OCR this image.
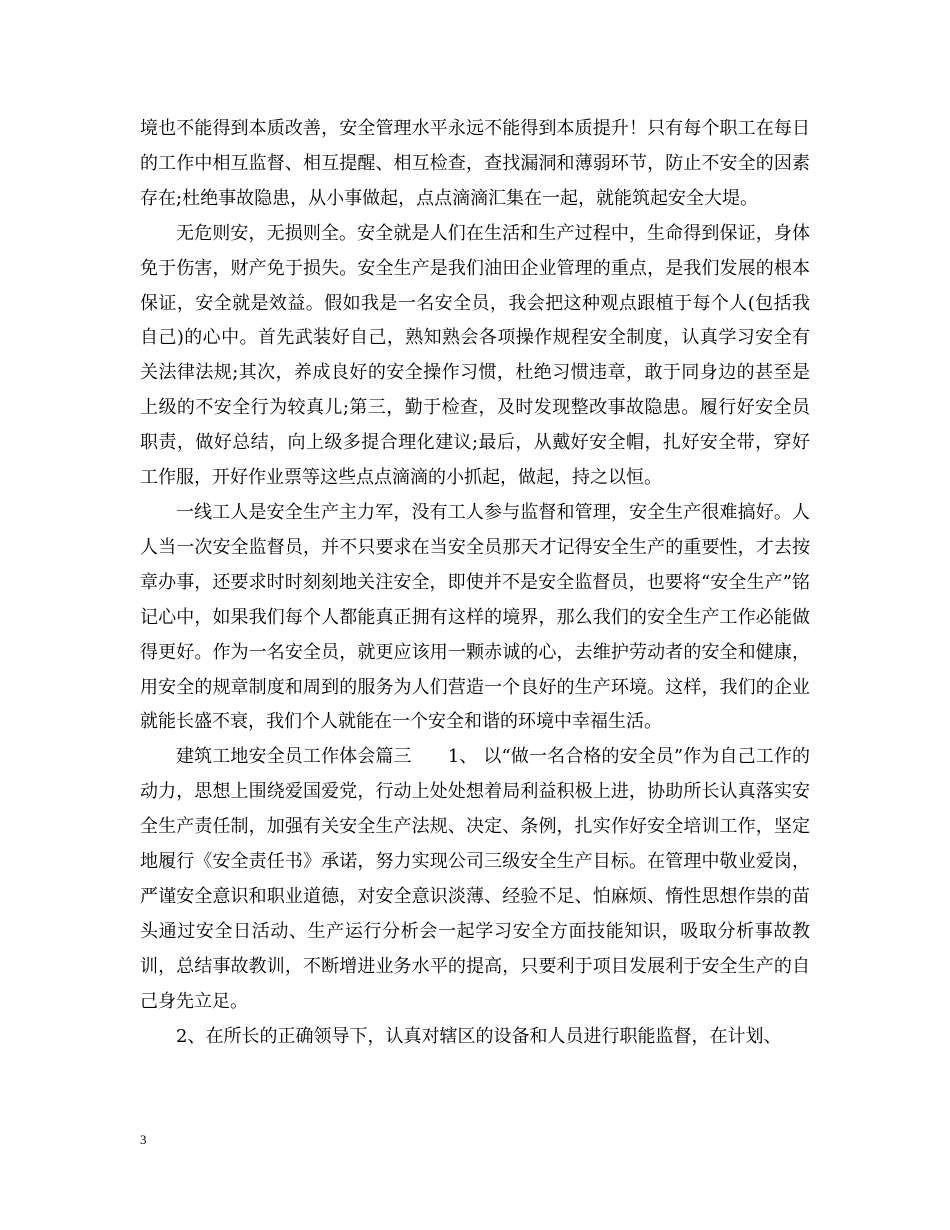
境也不能得到本质改善，安全管理水平永远不能得到本质提升！只有每个职工在每日的工作中相互监督、相互提醒、相互检查，查找漏洞和薄弱环节，防止不安全的因素存在;杜绝事故隐患，从小事做起，点点滴滴汇集在一起，就能筑起安全大堤。

无危则安，无损则全。安全就是人们在生活和生产过程中，生命得到保证，身体免于伤害，财产免于损失。安全生产是我们油田企业管理的重点，是我们发展的根本保证，安全就是效益。假如我是一名安全员，我会把这种观点跟植于每个人(包括我自己)的心中。首先武装好自己，熟知熟会各项操作规程安全制度，认真学习安全有关法律法规;其次，养成良好的安全操作习惯，杜绝习惯违章，敢于同身边的甚至是上级的不安全行为较真儿;第三，勤于检查，及时发现整改事故隐患。履行好安全员职责，做好总结，向上级多提合理化建议;最后，从戴好安全帽，扎好安全带，穿好工作服，开好作业票等这些点点滴滴的小抓起，做起，持之以恒。

一线工人是安全生产主力军，没有工人参与监督和管理，安全生产很难搞好。人人当一次安全监督员，并不只要求在当安全员那天才记得安全生产的重要性，才去按章办事，还要求时时刻刻地关注安全，即使并不是安全监督员，也要将“安全生产”铭记心中，如果我们每个人都能真正拥有这样的境界，那么我们的安全生产工作必能做得更好。作为一名安全员，就更应该用一颗赤诚的心，去维护劳动者的安全和健康，用安全的规章制度和周到的服务为人们营造一个良好的生产环境。这样，我们的企业就能长盛不衰，我们个人就能在一个安全和谐的环境中幸福生活。

建筑工地安全员工作体会篇三　　1、 以“做一名合格的安全员”作为自己工作的动力，思想上围绕爱国爱党，行动上处处想着局利益积极上进，协助所长认真落实安全生产责任制，加强有关安全生产法规、决定、条例，扎实作好安全培训工作，坚定地履行《安全责任书》承诺，努力实现公司三级安全生产目标。在管理中敬业爱岗，严谨安全意识和职业道德，对安全意识淡薄、经验不足、怕麻烦、惰性思想作祟的苗头通过安全日活动、生产运行分析会一起学习安全方面技能知识，吸取分析事故教训，总结事故教训，不断增进业务水平的提高，只要利于项目发展利于安全生产的自己身先立足。

2、在所长的正确领导下，认真对辖区的设备和人员进行职能监督，在计划、

3
